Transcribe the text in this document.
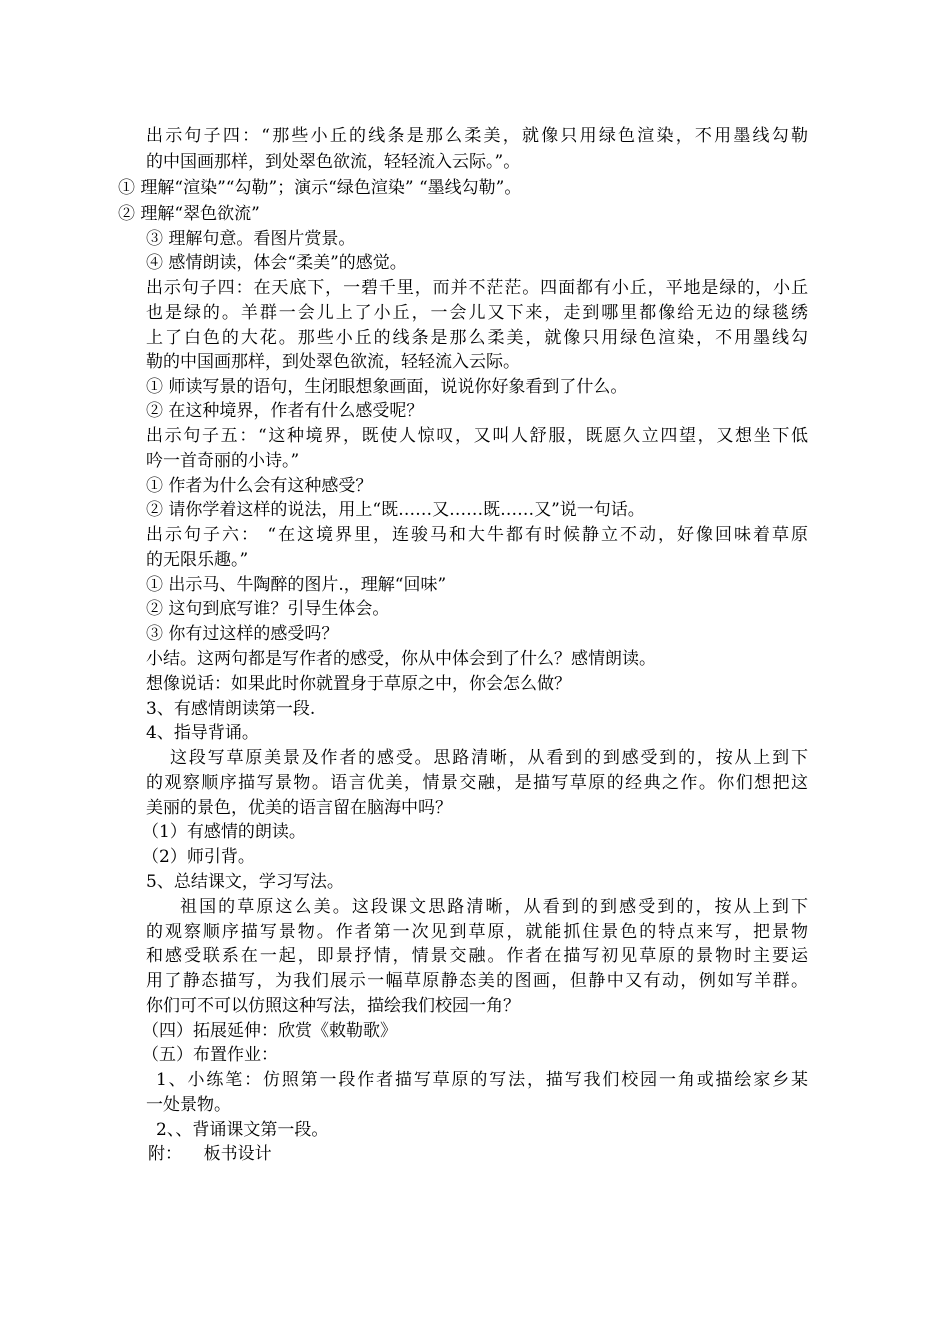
出示句子四：“那些小丘的线条是那么柔美，就像只用绿色渲染，不用墨线勾勒
的中国画那样，到处翠色欲流，轻轻流入云际。”。
① 理解“渲染”“勾勒”；演示“绿色渲染” “墨线勾勒”。
② 理解“翠色欲流”
③ 理解句意。看图片赏景。
④ 感情朗读，体会“柔美”的感觉。
出示句子四：在天底下，一碧千里，而并不茫茫。四面都有小丘，平地是绿的，小丘
也是绿的。羊群一会儿上了小丘，一会儿又下来，走到哪里都像给无边的绿毯绣
上了白色的大花。那些小丘的线条是那么柔美，就像只用绿色渲染，不用墨线勾
勒的中国画那样，到处翠色欲流，轻轻流入云际。
① 师读写景的语句，生闭眼想象画面，说说你好象看到了什么。
② 在这种境界，作者有什么感受呢？
出示句子五：“这种境界，既使人惊叹，又叫人舒服，既愿久立四望，又想坐下低
吟一首奇丽的小诗。”
① 作者为什么会有这种感受？
② 请你学着这样的说法，用上“既……又……既……又”说一句话。
出示句子六： “在这境界里，连骏马和大牛都有时候静立不动，好像回味着草原
的无限乐趣。”
① 出示马、牛陶醉的图片.，理解“回味”
② 这句到底写谁？引导生体会。
③ 你有过这样的感受吗？
小结。这两句都是写作者的感受，你从中体会到了什么？感情朗读。
想像说话：如果此时你就置身于草原之中，你会怎么做？
3、有感情朗读第一段.
4、指导背诵。
这段写草原美景及作者的感受。思路清晰，从看到的到感受到的，按从上到下
的观察顺序描写景物。语言优美，情景交融，是描写草原的经典之作。你们想把这
美丽的景色，优美的语言留在脑海中吗？
（1）有感情的朗读。
（2）师引背。
5、总结课文，学习写法。
祖国的草原这么美。这段课文思路清晰，从看到的到感受到的，按从上到下
的观察顺序描写景物。作者第一次见到草原，就能抓住景色的特点来写，把景物
和感受联系在一起，即景抒情，情景交融。作者在描写初见草原的景物时主要运
用了静态描写，为我们展示一幅草原静态美的图画，但静中又有动，例如写羊群。
你们可不可以仿照这种写法，描绘我们校园一角？
（四）拓展延伸：欣赏《敕勒歌》
（五）布置作业：
1、小练笔：仿照第一段作者描写草原的写法，描写我们校园一角或描绘家乡某
一处景物。
2、、背诵课文第一段。
附：    板书设计
